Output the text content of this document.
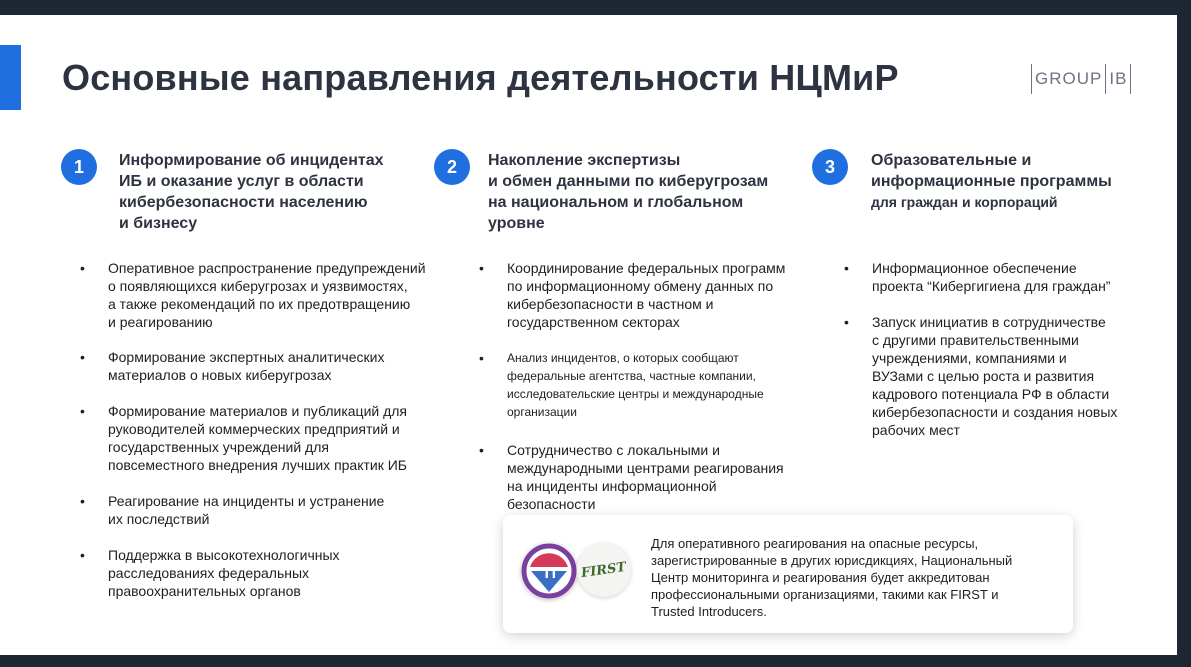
Основные направления деятельности НЦМиР	GROUP IB
1	Информирование об инцидентах
ИБ и оказание услуг в области
кибербезопасности населению
и бизнесу
• Оперативное распространение предупреждений
о появляющихся киберугрозах и уязвимостях,
а также рекомендаций по их предотвращению
и реагированию
• Формирование экспертных аналитических
материалов о новых киберугрозах
• Формирование материалов и публикаций для
руководителей коммерческих предприятий и
государственных учреждений для
повсеместного внедрения лучших практик ИБ
• Реагирование на инциденты и устранение
их последствий
• Поддержка в высокотехнологичных
расследованиях федеральных
правоохранительных органов
2	Накопление экспертизы
и обмен данными по киберугрозам
на национальном и глобальном
уровне
• Координирование федеральных программ
по информационному обмену данных по
кибербезопасности в частном и
государственном секторах
• Анализ инцидентов, о которых сообщают
федеральные агентства, частные компании,
исследовательские центры и международные
организации
• Сотрудничество с локальными и
международными центрами реагирования
на инциденты информационной
безопасности
3	Образовательные и
информационные программы
для граждан и корпораций
• Информационное обеспечение
проекта “Кибергигиена для граждан”
• Запуск инициатив в сотрудничестве
с другими правительственными
учреждениями, компаниями и
ВУЗами с целью роста и развития
кадрового потенциала РФ в области
кибербезопасности и создания новых
рабочих мест
TI FIRST
Для оперативного реагирования на опасные ресурсы,
зарегистрированные в других юрисдикциях, Национальный
Центр мониторинга и реагирования будет аккредитован
профессиональными организациями, такими как FIRST и
Trusted Introducers.
